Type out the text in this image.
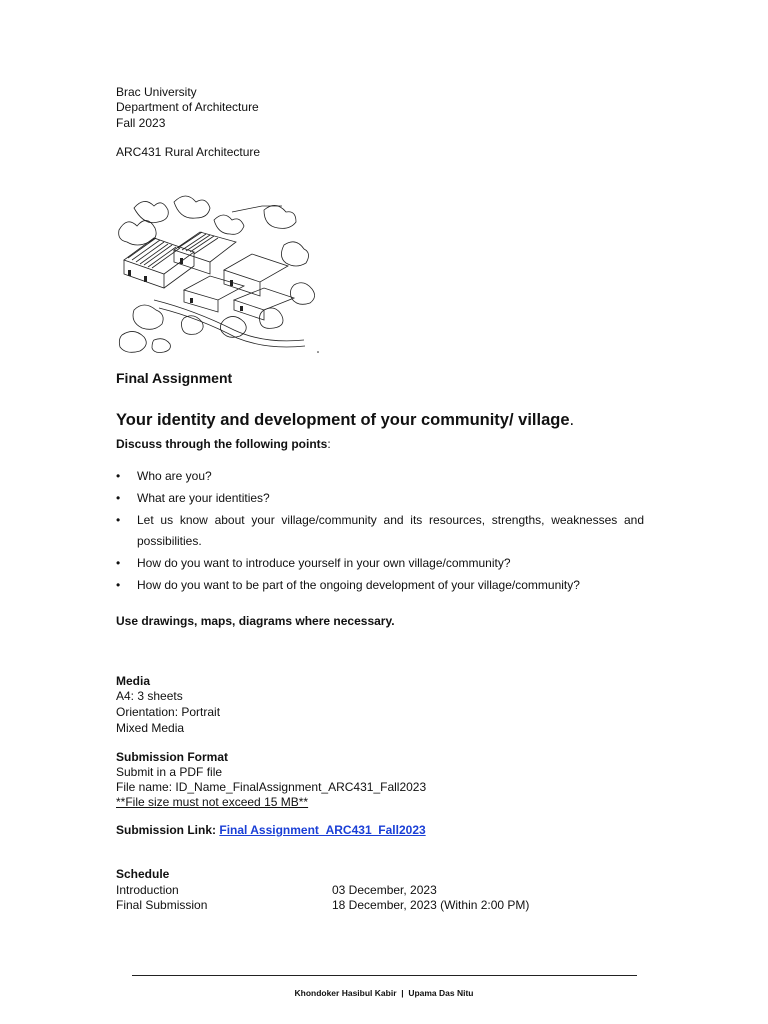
Brac University
Department of Architecture
Fall 2023
ARC431 Rural Architecture
Final Assignment
Your identity and development of your community/ village.
Discuss through the following points:
• Who are you?
• What are your identities?
• Let us know about your village/community and its resources, strengths, weaknesses and possibilities.
• How do you want to introduce yourself in your own village/community?
• How do you want to be part of the ongoing development of your village/community?
Use drawings, maps, diagrams where necessary.
Media
A4: 3 sheets
Orientation: Portrait
Mixed Media
Submission Format
Submit in a PDF file
File name: ID_Name_FinalAssignment_ARC431_Fall2023
**File size must not exceed 15 MB**
Submission Link: Final Assignment_ARC431_Fall2023
Schedule
Introduction	03 December, 2023
Final Submission	18 December, 2023 (Within 2:00 PM)
Khondoker Hasibul Kabir  |  Upama Das Nitu
